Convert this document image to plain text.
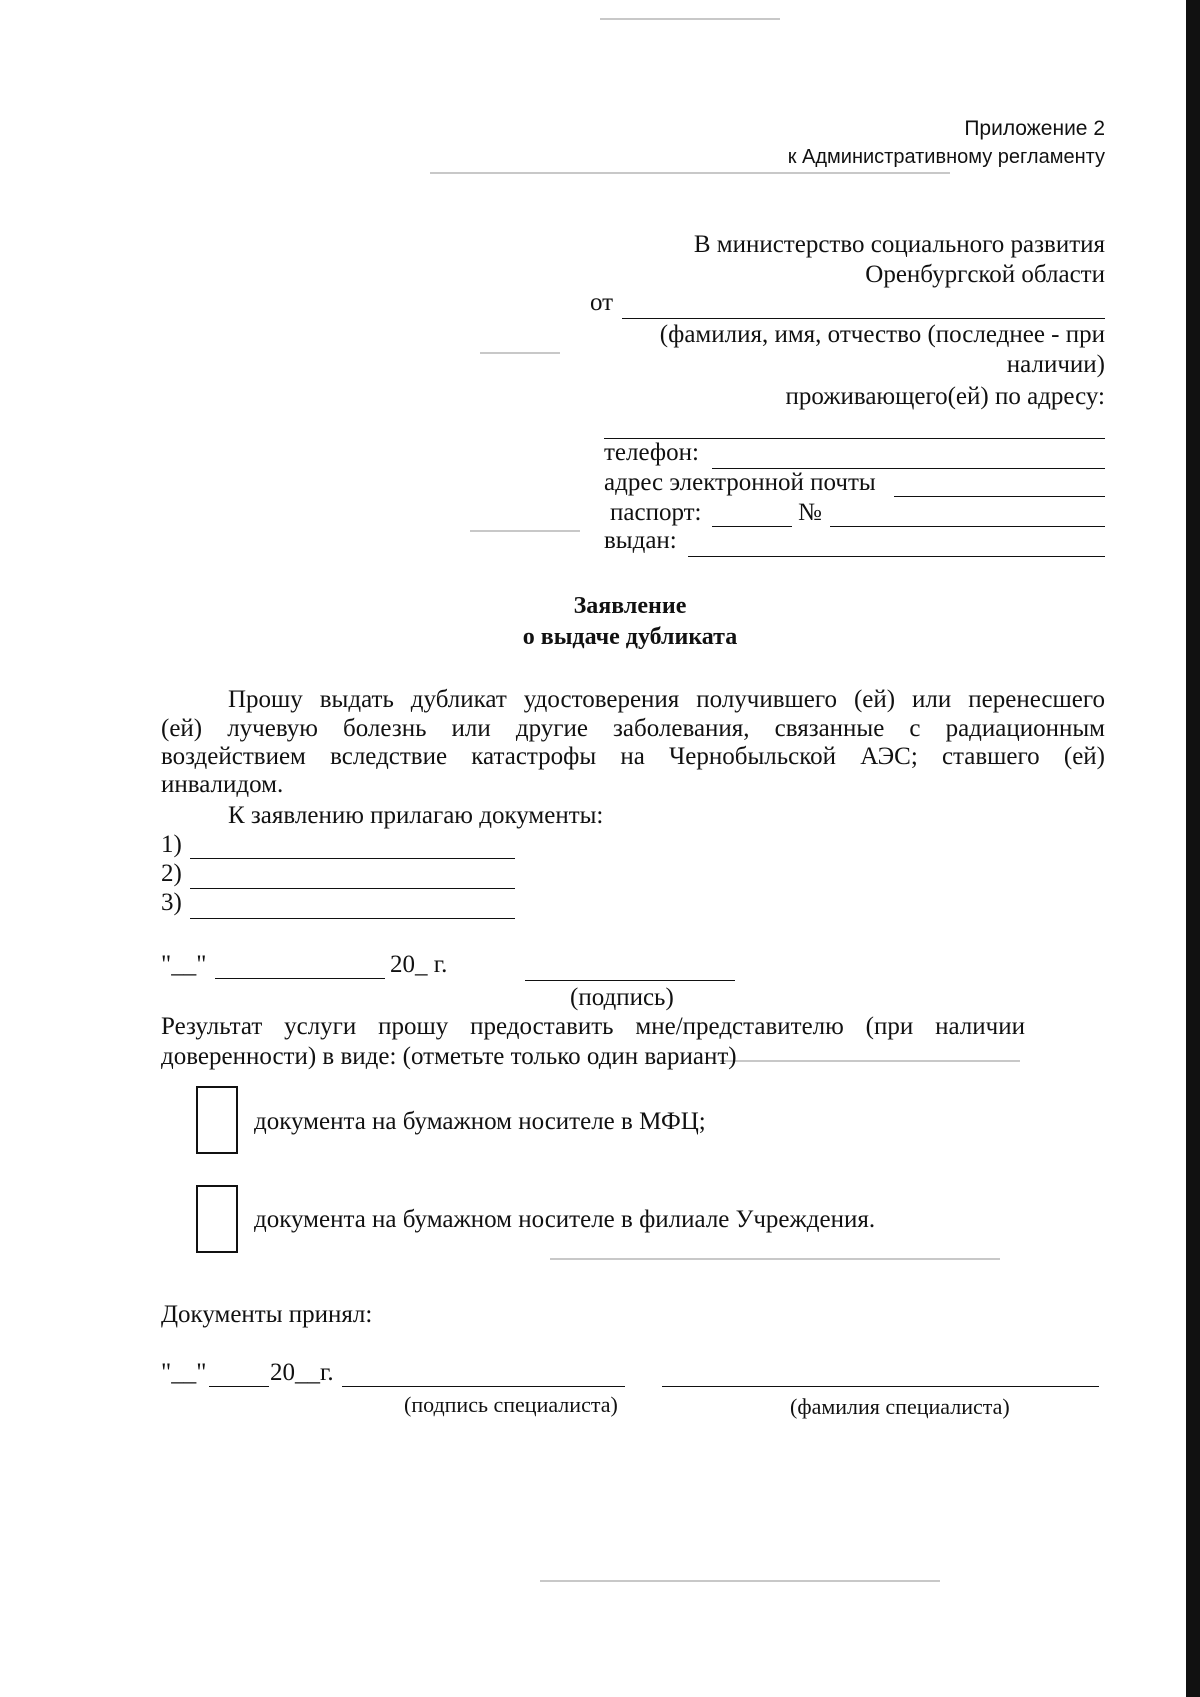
Приложение 2
к Административному регламенту
В министерство социального развития
Оренбургской области
от
(фамилия, имя, отчество (последнее - при
наличии)
проживающего(ей) по адресу:
телефон:
адрес электронной почты
паспорт:	№
выдан:
Заявление
о выдаче дубликата
Прошу выдать дубликат удостоверения получившего (ей) или перенесшего
(ей) лучевую болезнь или другие заболевания, связанные с радиационным
воздействием вследствие катастрофы на Чернобыльской АЭС; ставшего (ей)
инвалидом.
К заявлению прилагаю документы:
1)
2)
3)
"__"	20_ г.
(подпись)
Результат услуги прошу предоставить мне/представителю (при наличии
доверенности) в виде: (отметьте только один вариант)
документа на бумажном носителе в МФЦ;
документа на бумажном носителе в филиале Учреждения.
Документы принял:
"__"	20__г.
(подпись специалиста)	(фамилия специалиста)
